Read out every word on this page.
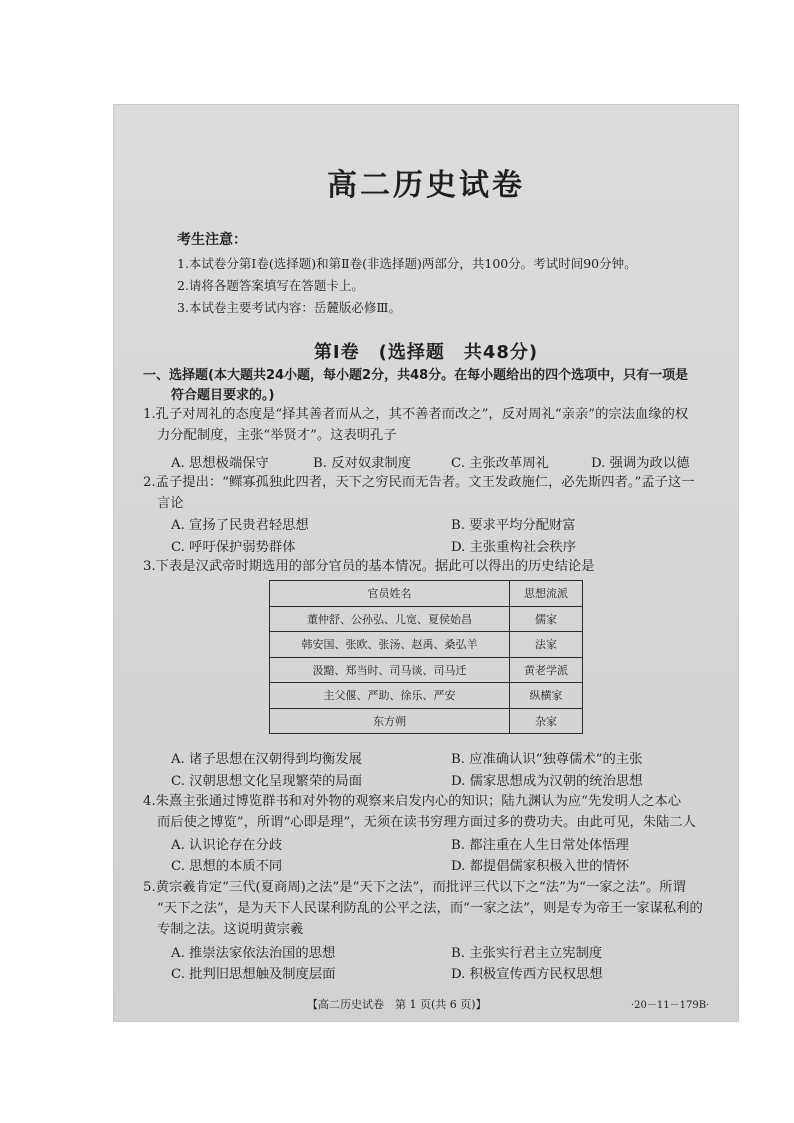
高二历史试卷
考生注意：
1.本试卷分第Ⅰ卷(选择题)和第Ⅱ卷(非选择题)两部分，共100分。考试时间90分钟。
2.请将各题答案填写在答题卡上。
3.本试卷主要考试内容：岳麓版必修Ⅲ。
第Ⅰ卷　(选择题　共48分)
一、选择题(本大题共24小题，每小题2分，共48分。在每小题给出的四个选项中，只有一项是
符合题目要求的。)
1.孔子对周礼的态度是“择其善者而从之，其不善者而改之”，反对周礼“亲亲”的宗法血缘的权
力分配制度，主张“举贤才”。这表明孔子
A. 思想极端保守	B. 反对奴隶制度	C. 主张改革周礼	D. 强调为政以德
2.孟子提出：“鳏寡孤独此四者，天下之穷民而无告者。文王发政施仁，必先斯四者。”孟子这一
言论
A. 宣扬了民贵君轻思想	B. 要求平均分配财富
C. 呼吁保护弱势群体	D. 主张重构社会秩序
3.下表是汉武帝时期选用的部分官员的基本情况。据此可以得出的历史结论是
官员姓名	思想流派
董仲舒、公孙弘、儿宽、夏侯始昌	儒家
韩安国、张欧、张汤、赵禹、桑弘羊	法家
汲黯、郑当时、司马谈、司马迁	黄老学派
主父偃、严助、徐乐、严安	纵横家
东方朔	杂家
A. 诸子思想在汉朝得到均衡发展	B. 应准确认识“独尊儒术”的主张
C. 汉朝思想文化呈现繁荣的局面	D. 儒家思想成为汉朝的统治思想
4.朱熹主张通过博览群书和对外物的观察来启发内心的知识；陆九渊认为应“先发明人之本心
而后使之博览”，所谓“心即是理”，无须在读书穷理方面过多的费功夫。由此可见，朱陆二人
A. 认识论存在分歧	B. 都注重在人生日常处体悟理
C. 思想的本质不同	D. 都提倡儒家积极入世的情怀
5.黄宗羲肯定“三代(夏商周)之法”是“天下之法”，而批评三代以下之“法”为“一家之法”。所谓
“天下之法”，是为天下人民谋利防乱的公平之法，而“一家之法”，则是专为帝王一家谋私利的
专制之法。这说明黄宗羲
A. 推崇法家依法治国的思想	B. 主张实行君主立宪制度
C. 批判旧思想触及制度层面	D. 积极宣传西方民权思想
【高二历史试卷　第 1 页(共 6 页)】	·20－11－179B·
